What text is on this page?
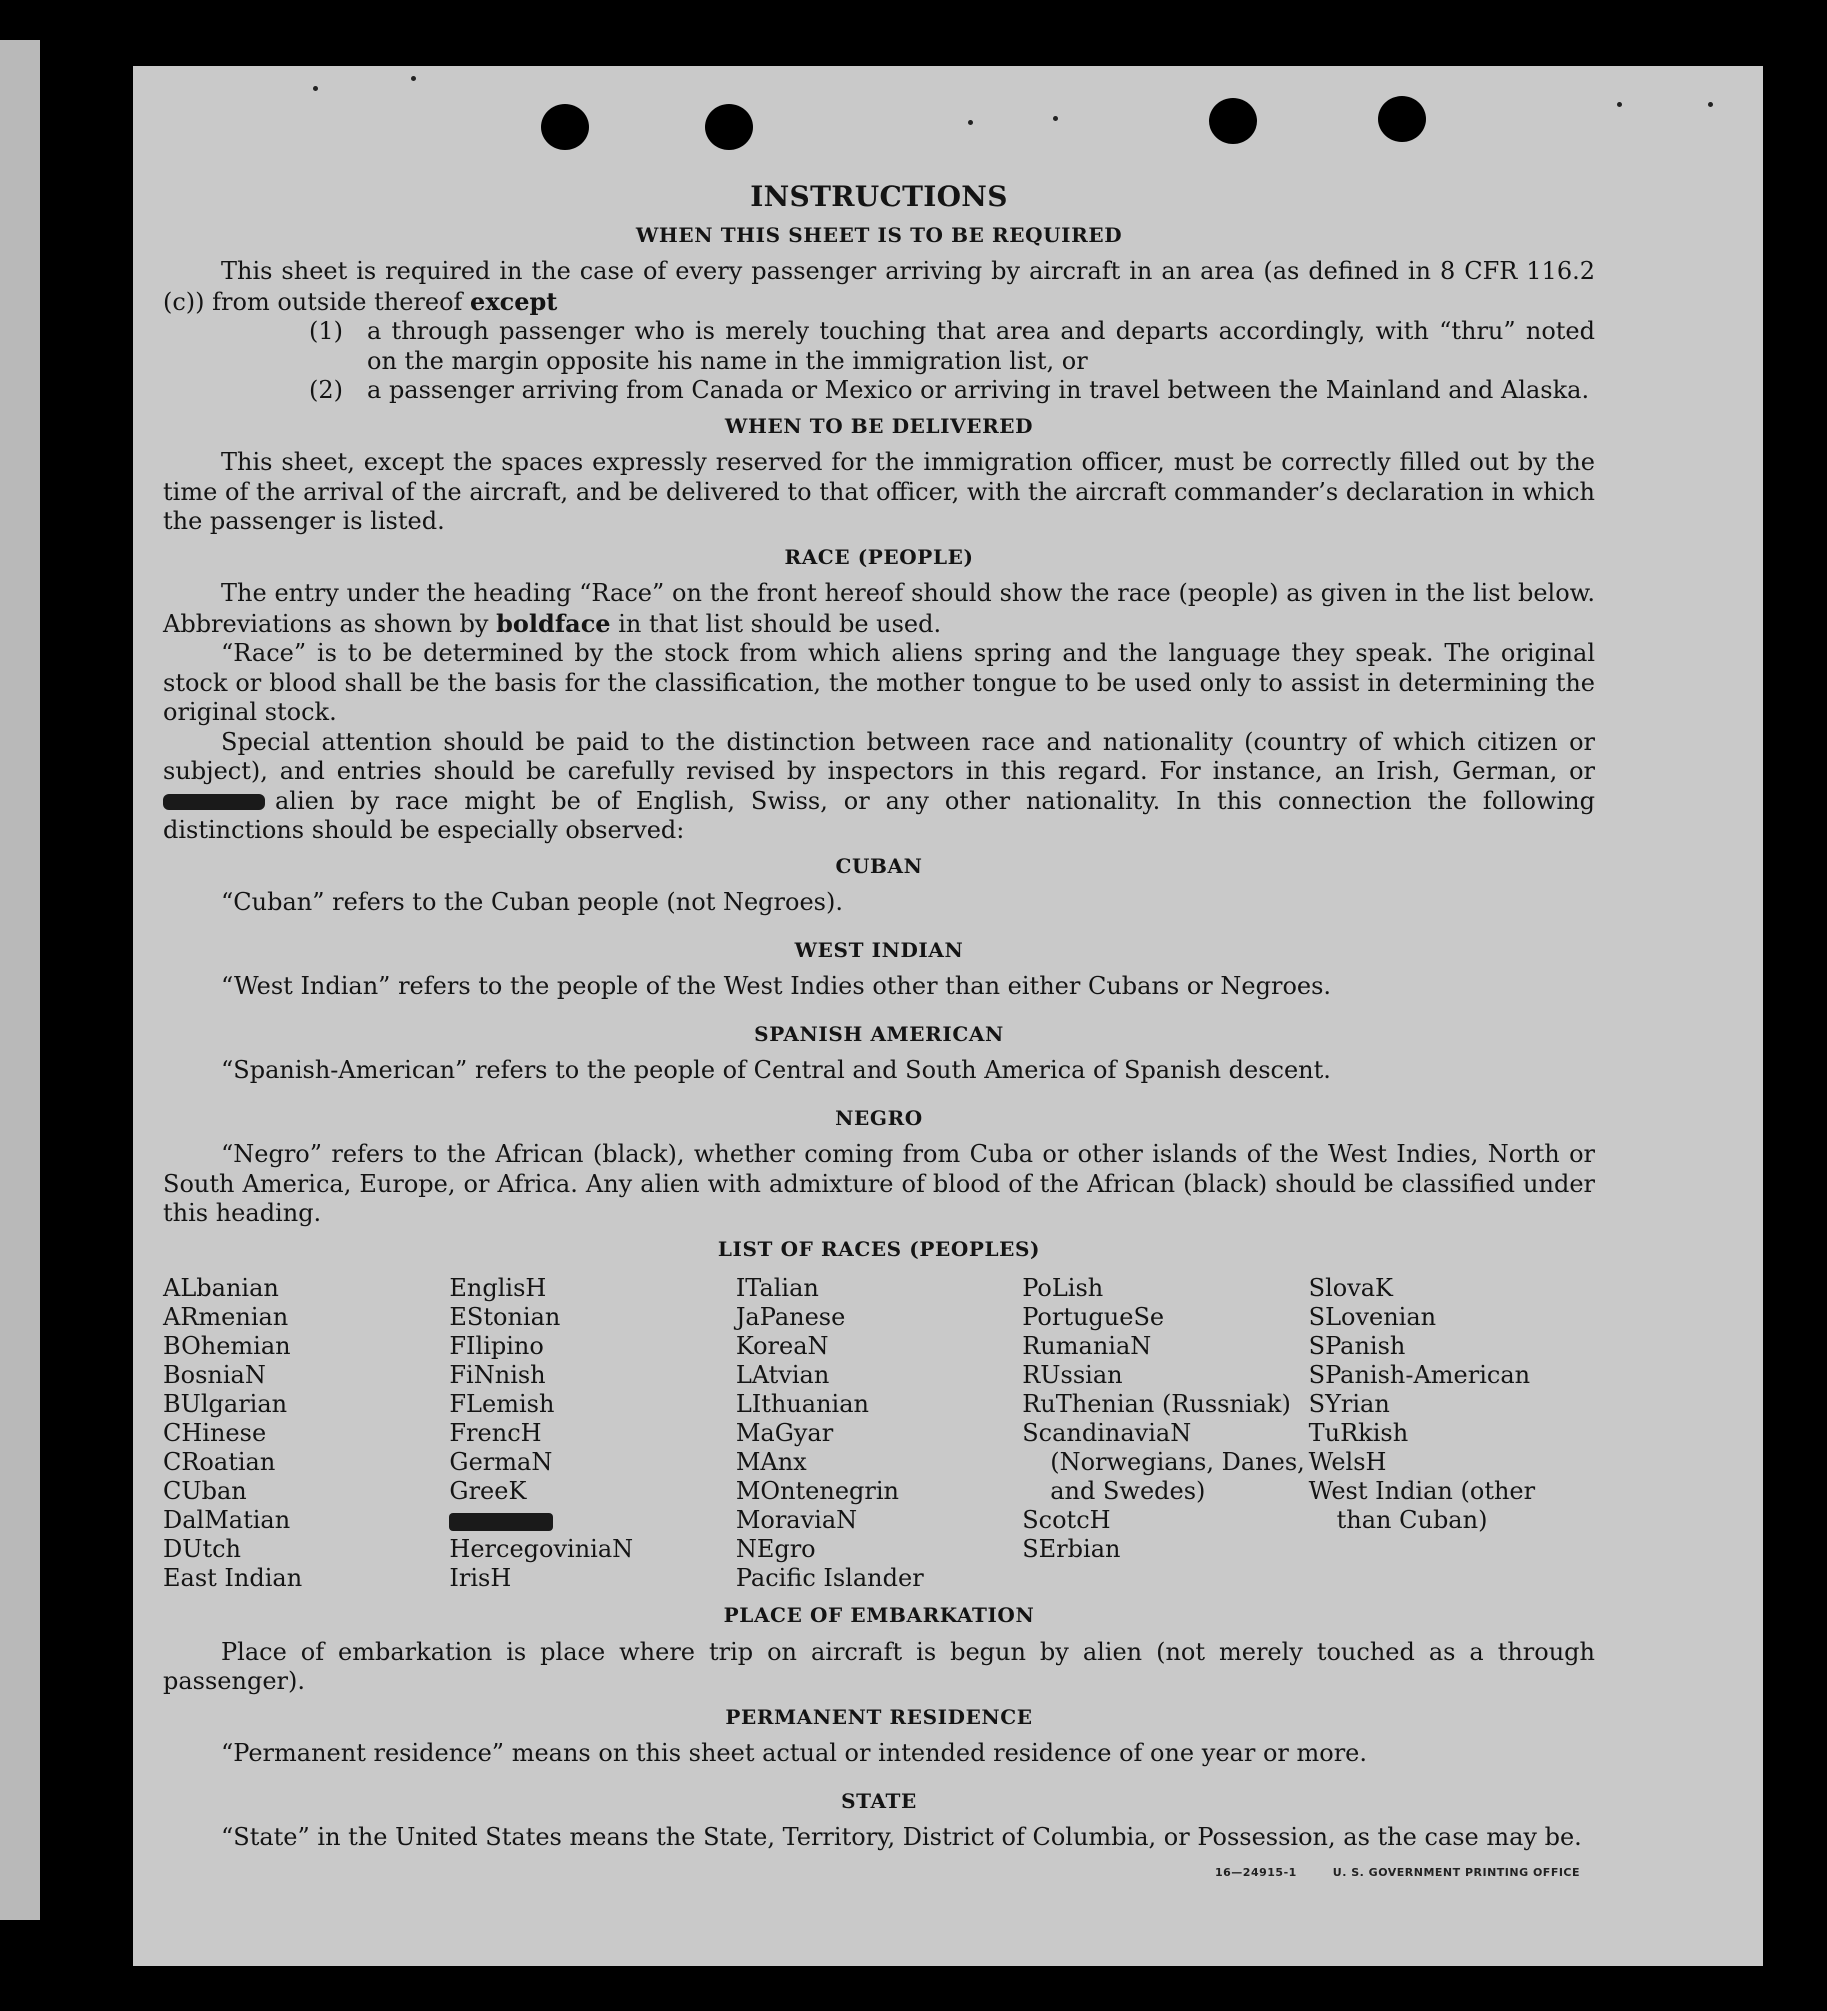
INSTRUCTIONS
WHEN THIS SHEET IS TO BE REQUIRED

This sheet is required in the case of every passenger arriving by aircraft in an area (as defined in 8 CFR 116.2 (c)) from outside thereof except

(1) a through passenger who is merely touching that area and departs accordingly, with “thru” noted on the margin opposite his name in the immigration list, or

(2) a passenger arriving from Canada or Mexico or arriving in travel between the Mainland and Alaska.

WHEN TO BE DELIVERED

This sheet, except the spaces expressly reserved for the immigration officer, must be correctly filled out by the time of the arrival of the aircraft, and be delivered to that officer, with the aircraft commander’s declaration in which the passenger is listed.

RACE (PEOPLE)

The entry under the heading “Race” on the front hereof should show the race (people) as given in the list below. Abbreviations as shown by boldface in that list should be used.

“Race” is to be determined by the stock from which aliens spring and the language they speak. The original stock or blood shall be the basis for the classification, the mother tongue to be used only to assist in determining the original stock.

Special attention should be paid to the distinction between race and nationality (country of which citizen or subject), and entries should be carefully revised by inspectors in this regard. For instance, an Irish, German, or alien by race might be of English, Swiss, or any other nationality. In this connection the following distinctions should be especially observed:

CUBAN

“Cuban” refers to the Cuban people (not Negroes).

WEST INDIAN

“West Indian” refers to the people of the West Indies other than either Cubans or Negroes.

SPANISH AMERICAN

“Spanish-American” refers to the people of Central and South America of Spanish descent.

NEGRO

“Negro” refers to the African (black), whether coming from Cuba or other islands of the West Indies, North or South America, Europe, or Africa. Any alien with admixture of blood of the African (black) should be classified under this heading.

LIST OF RACES (PEOPLES)
ALbanian
ARmenian
BOhemian
BosniaN
BUlgarian
CHinese
CRoatian
CUban
DalMatian
DUtch
East Indian
EnglisH
EStonian
FIlipino
FiNnish
FLemish
FrencH
GermaN
GreeK
HercegoviniaN
IrisH
ITalian
JaPanese
KoreaN
LAtvian
LIthuanian
MaGyar
MAnx
MOntenegrin
MoraviaN
NEgro
Pacific Islander
PoLish
PortugueSe
RumaniaN
RUssian
RuThenian (Russniak)
ScandinaviaN (Norwegians, Danes, and Swedes)
ScotcH
SErbian
SlovaK
SLovenian
SPanish
SPanish-American
SYrian
TuRkish
WelsH
West Indian (other than Cuban)
PLACE OF EMBARKATION

Place of embarkation is place where trip on aircraft is begun by alien (not merely touched as a through passenger).

PERMANENT RESIDENCE

“Permanent residence” means on this sheet actual or intended residence of one year or more.

STATE

“State” in the United States means the State, Territory, District of Columbia, or Possession, as the case may be.

16—24915-1	U. S. GOVERNMENT PRINTING OFFICE
